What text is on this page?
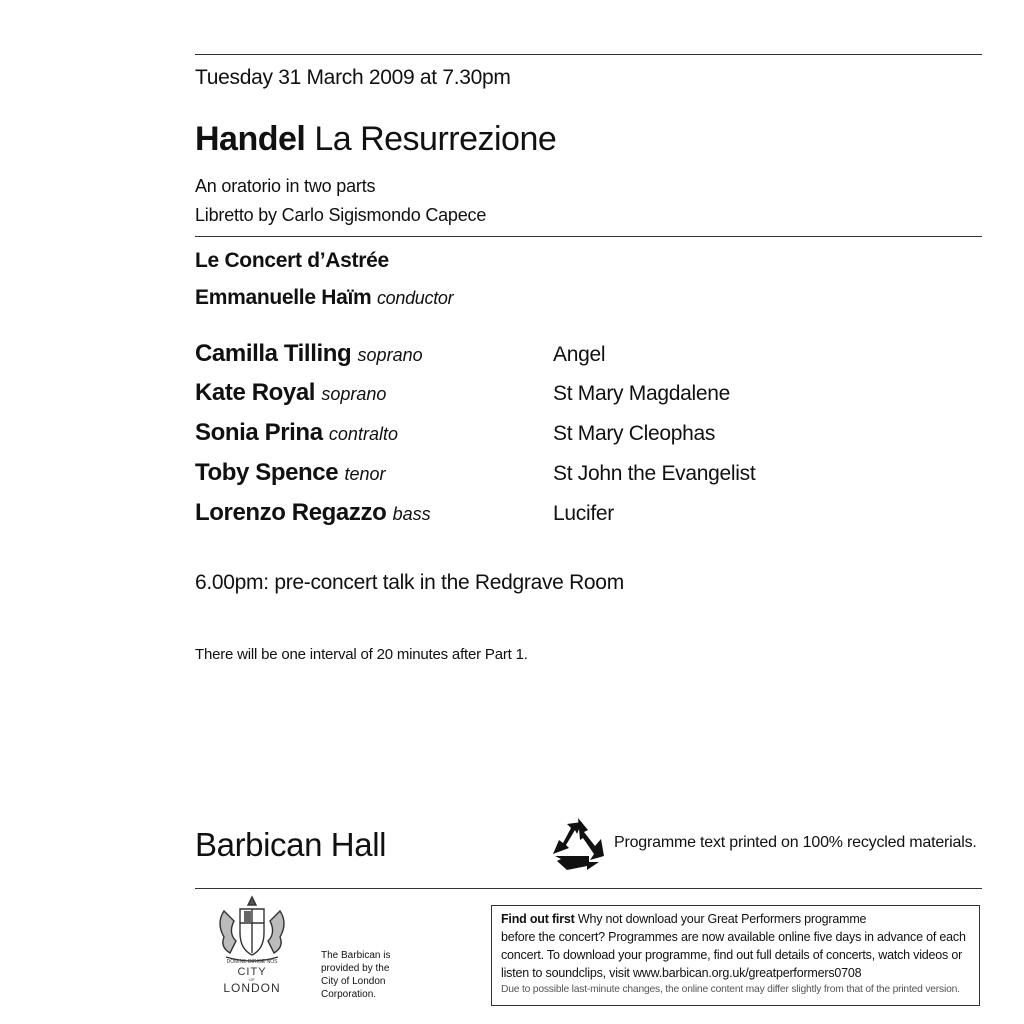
Tuesday 31 March 2009 at 7.30pm
Handel La Resurrezione
An oratorio in two parts
Libretto by Carlo Sigismondo Capece
Le Concert d’Astrée
Emmanuelle Haïm conductor
Camilla Tilling soprano	Angel
Kate Royal soprano	St Mary Magdalene
Sonia Prina contralto	St Mary Cleophas
Toby Spence tenor	St John the Evangelist
Lorenzo Regazzo bass	Lucifer
6.00pm: pre-concert talk in the Redgrave Room
There will be one interval of 20 minutes after Part 1.
Barbican Hall	100% Programme text printed on 100% recycled materials.
DOMINE DIRIGE NOS
CITY
OF
LONDON
The Barbican is
provided by the
City of London
Corporation.
Find out first Why not download your Great Performers programme
before the concert? Programmes are now available online five days in advance of each
concert. To download your programme, find out full details of concerts, watch videos or
listen to soundclips, visit www.barbican.org.uk/greatperformers0708
Due to possible last-minute changes, the online content may differ slightly from that of the printed version.
